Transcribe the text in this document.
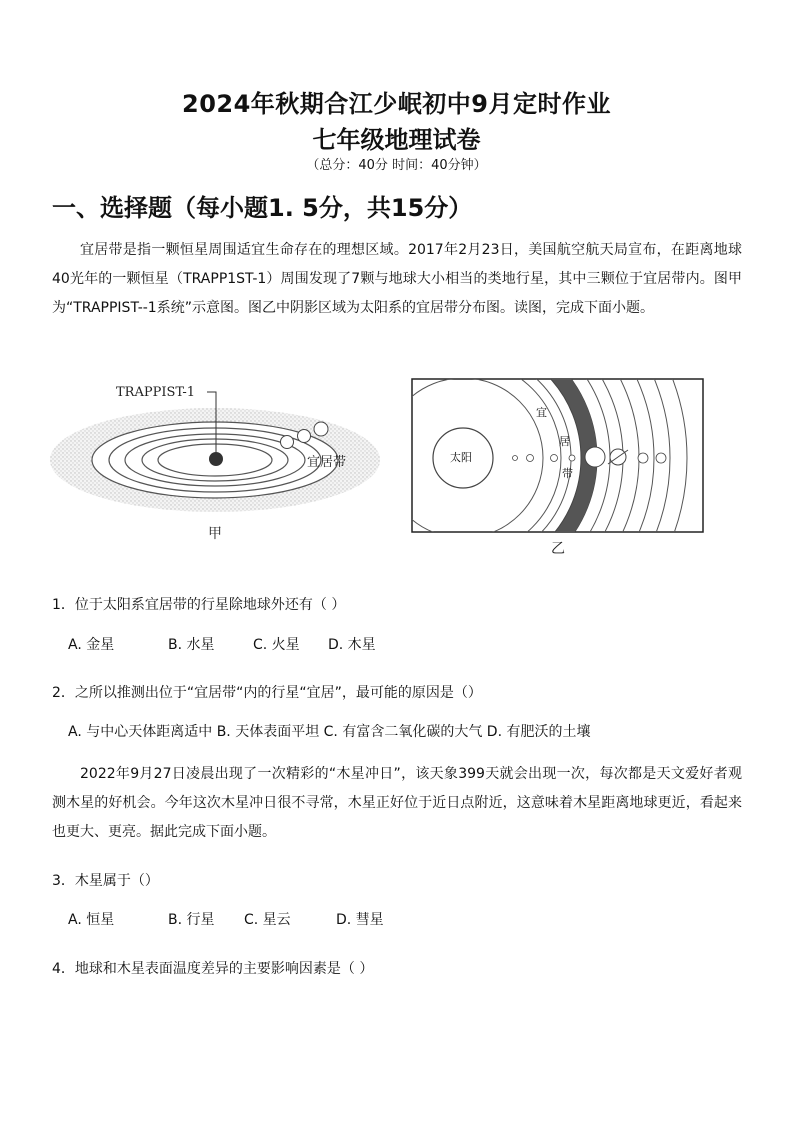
2024年秋期合江少岷初中9月定时作业
七年级地理试卷
（总分：40分 时间：40分钟）
一、选择题（每小题1. 5分，共15分）
宜居带是指一颗恒星周围适宜生命存在的理想区域。2017年2月23日，美国航空航天局宣布，在距离地球40光年的一颗恒星（TRAPP1ST-1）周围发现了7颗与地球大小相当的类地行星，其中三颗位于宜居带内。图甲为“TRAPPIST--1系统”示意图。图乙中阴影区域为太阳系的宜居带分布图。读图，完成下面小题。
TRAPPIST-1
宜居带
甲
太阳
宜
居
带
乙
1．位于太阳系宜居带的行星除地球外还有（ ）
A. 金星	B. 水星	C. 火星 D. 木星
2．之所以推测出位于“宜居带“内的行星“宜居”，最可能的原因是（）
A. 与中心天体距离适中 B. 天体表面平坦 C. 有富含二氧化碳的大气 D. 有肥沃的土壤
2022年9月27日凌晨出现了一次精彩的“木星冲日”，该天象399天就会出现一次，每次都是天文爱好者观测木星的好机会。今年这次木星冲日很不寻常，木星正好位于近日点附近，这意味着木星距离地球更近，看起来也更大、更亮。据此完成下面小题。
3．木星属于（）
A. 恒星	B. 行星 C. 星云	D. 彗星
4．地球和木星表面温度差异的主要影响因素是（ ）
